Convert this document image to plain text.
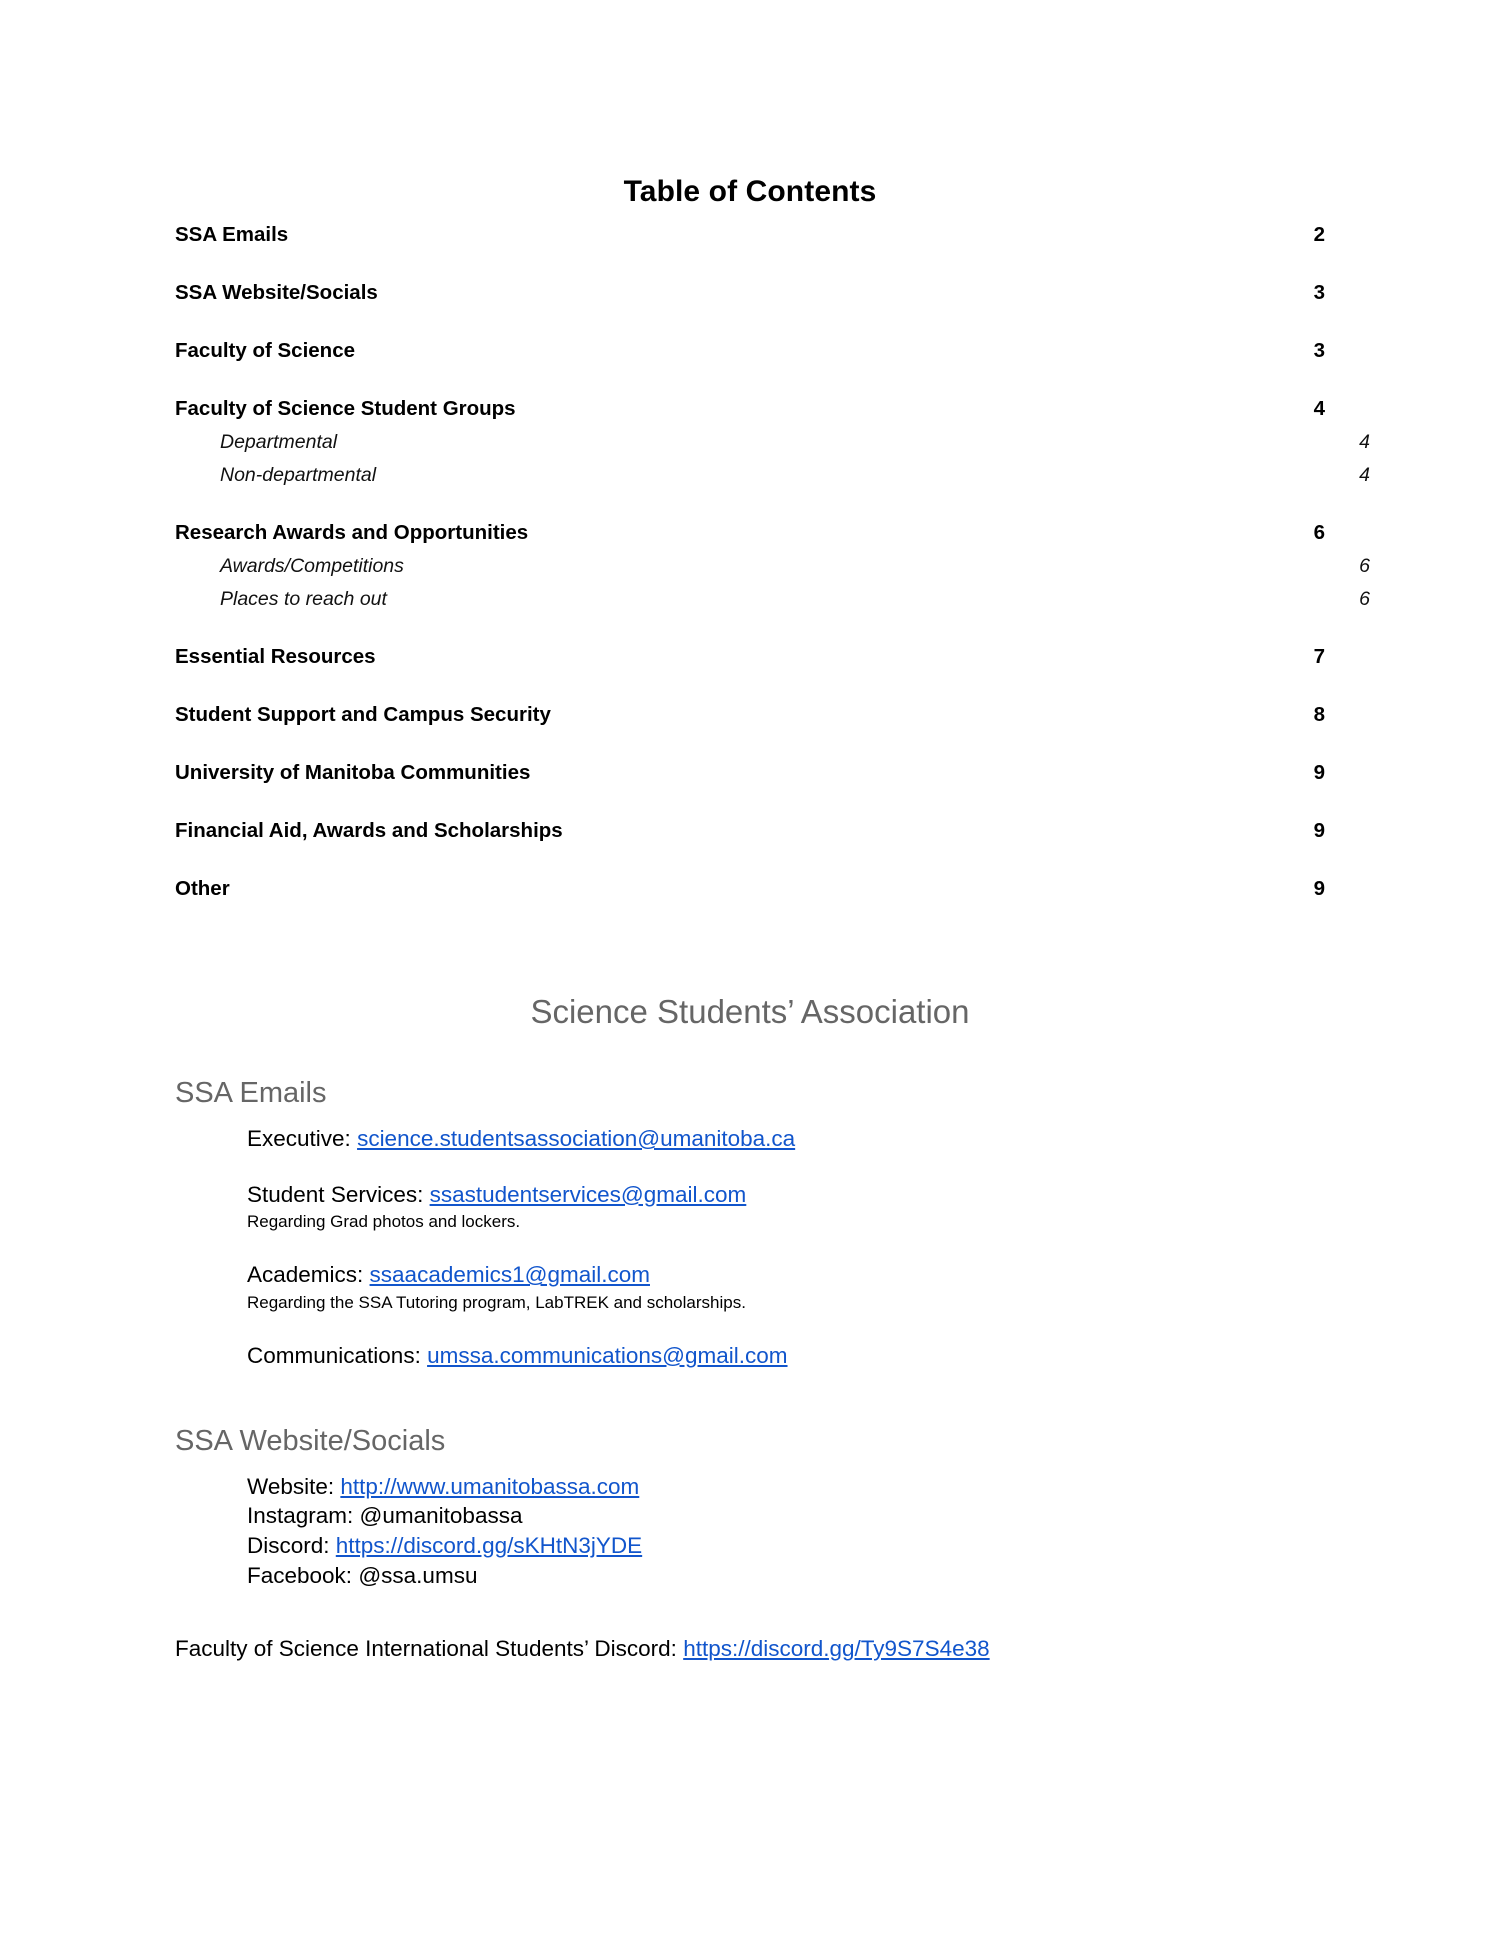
Table of Contents
SSA Emails	2
SSA Website/Socials	3
Faculty of Science	3
Faculty of Science Student Groups	4
Departmental	4
Non-departmental	4
Research Awards and Opportunities	6
Awards/Competitions	6
Places to reach out	6
Essential Resources	7
Student Support and Campus Security	8
University of Manitoba Communities	9
Financial Aid, Awards and Scholarships	9
Other	9
Science Students’ Association
SSA Emails

Executive: science.studentsassociation@umanitoba.ca

Student Services: ssastudentservices@gmail.com

Regarding Grad photos and lockers.

Academics: ssaacademics1@gmail.com

Regarding the SSA Tutoring program, LabTREK and scholarships.

Communications: umssa.communications@gmail.com

SSA Website/Socials

Website: http://www.umanitobassa.com

Instagram: @umanitobassa

Discord: https://discord.gg/sKHtN3jYDE

Facebook: @ssa.umsu

Faculty of Science International Students’ Discord: https://discord.gg/Ty9S7S4e38
